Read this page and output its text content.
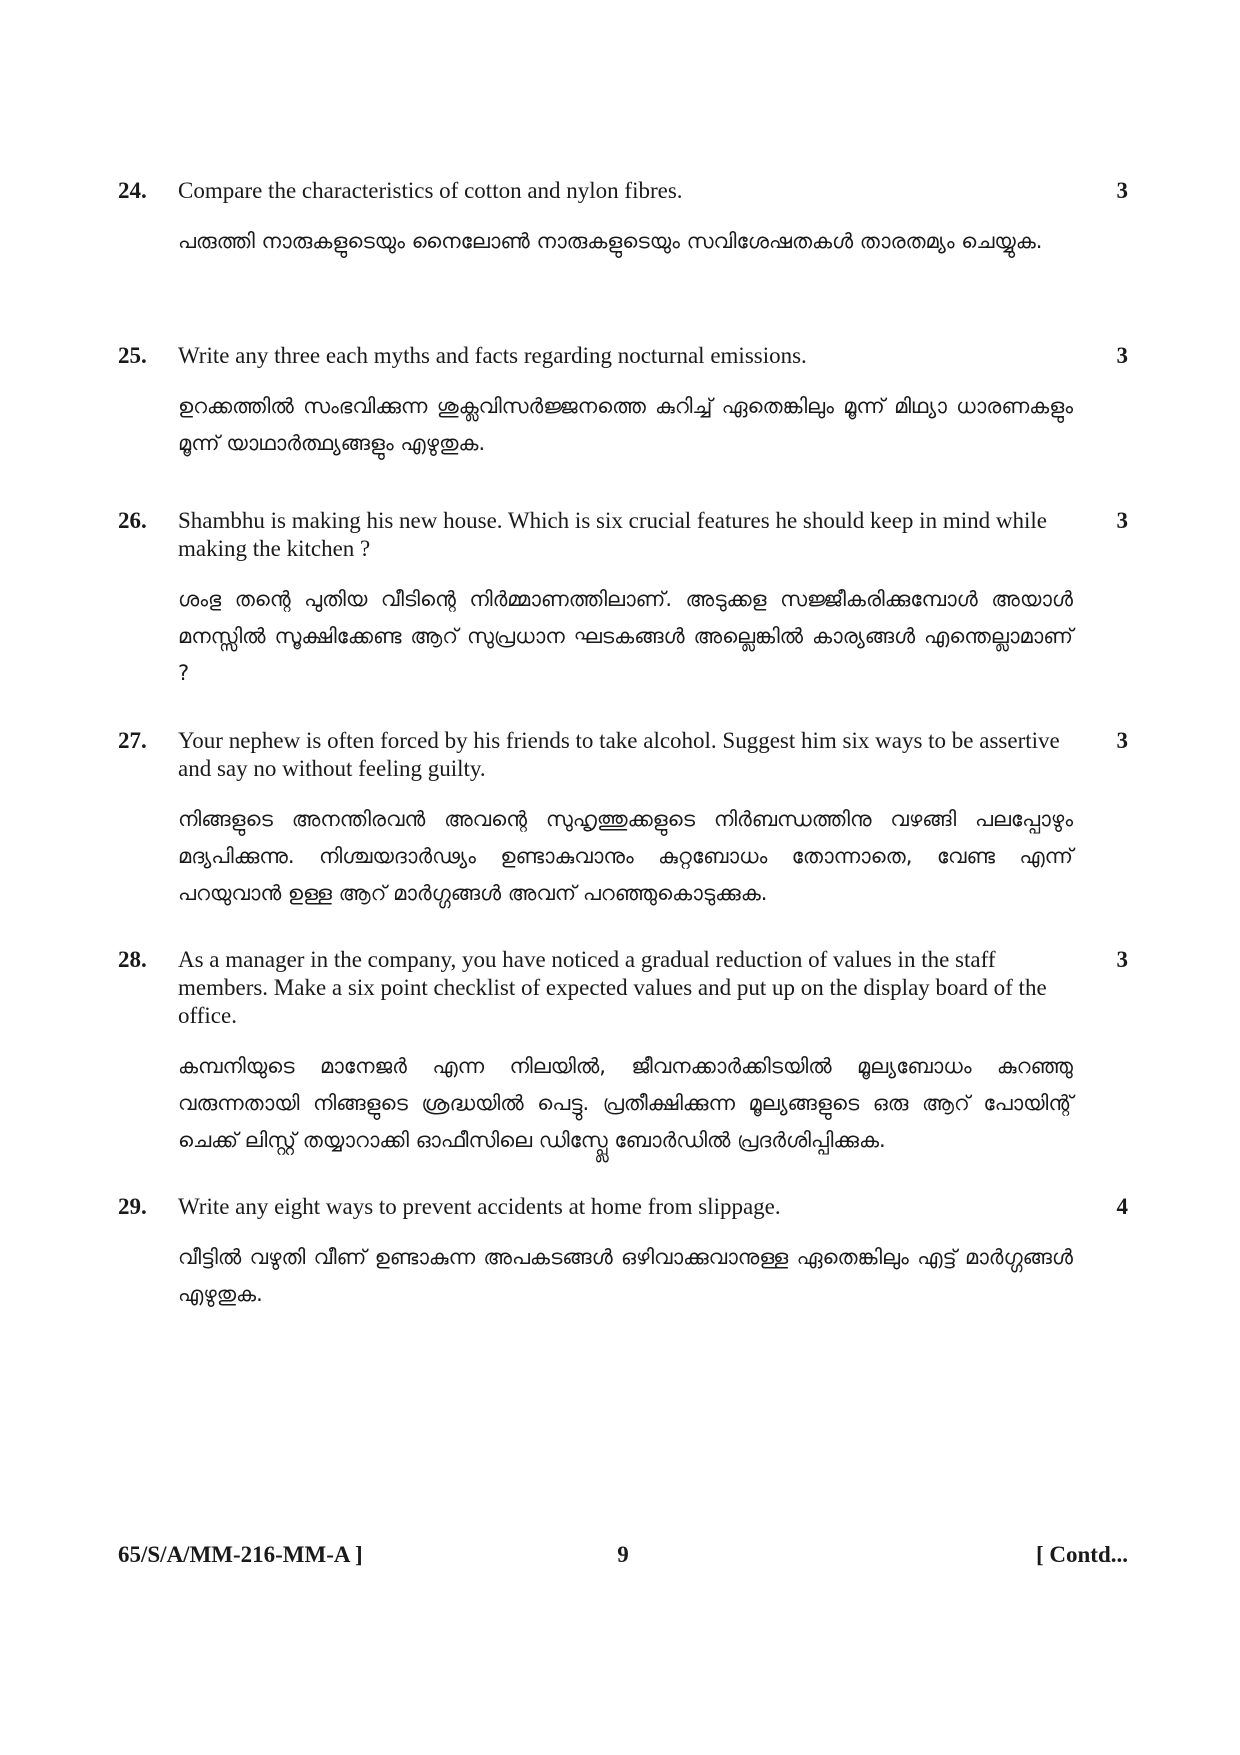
24.	Compare the characteristics of cotton and nylon fibres.

പരുത്തി നാരുകളുടെയും നൈലോൺ നാരുകളുടെയും സവിശേഷതകൾ താരതമ്യം ചെയ്യുക.

3
25.	Write any three each myths and facts regarding nocturnal emissions.

ഉറക്കത്തിൽ സംഭവിക്കുന്ന ശുക്ലവിസർജ്ജനത്തെ കുറിച്ച് ഏതെങ്കിലും മൂന്ന് മിഥ്യാ ധാരണകളും മൂന്ന് യാഥാർത്ഥ്യങ്ങളും എഴുതുക.

3
26.	Shambhu is making his new house. Which is six crucial features he should keep in mind while making the kitchen ?

ശംഭു തന്റെ പുതിയ വീടിന്റെ നിർമ്മാണത്തിലാണ്. അടുക്കള സജ്ജീകരിക്കുമ്പോൾ അയാൾ മനസ്സിൽ സൂക്ഷിക്കേണ്ട ആറ് സുപ്രധാന ഘടകങ്ങൾ അല്ലെങ്കിൽ കാര്യങ്ങൾ എന്തെല്ലാമാണ് ?

3
27.	Your nephew is often forced by his friends to take alcohol. Suggest him six ways to be assertive and say no without feeling guilty.

നിങ്ങളുടെ അനന്തിരവൻ അവന്റെ സുഹൃത്തുക്കളുടെ നിർബന്ധത്തിനു വഴങ്ങി പലപ്പോഴും മദ്യപിക്കുന്നു. നിശ്ചയദാർഢ്യം ഉണ്ടാകുവാനും കുറ്റബോധം തോന്നാതെ, വേണ്ട എന്ന് പറയുവാൻ ഉള്ള ആറ് മാർഗ്ഗങ്ങൾ അവന് പറഞ്ഞുകൊടുക്കുക.

3
28.	As a manager in the company, you have noticed a gradual reduction of values in the staff members. Make a six point checklist of expected values and put up on the display board of the office.

കമ്പനിയുടെ മാനേജർ എന്ന നിലയിൽ, ജീവനക്കാർക്കിടയിൽ മൂല്യബോധം കുറഞ്ഞു വരുന്നതായി നിങ്ങളുടെ ശ്രദ്ധയിൽ പെട്ടു. പ്രതീക്ഷിക്കുന്ന മൂല്യങ്ങളുടെ ഒരു ആറ് പോയിന്റ് ചെക്ക് ലിസ്റ്റ് തയ്യാറാക്കി ഓഫീസിലെ ഡിസ്പ്ലേ ബോർഡിൽ പ്രദർശിപ്പിക്കുക.

3
29.	Write any eight ways to prevent accidents at home from slippage.

വീട്ടിൽ വഴുതി വീണ് ഉണ്ടാകുന്ന അപകടങ്ങൾ ഒഴിവാക്കുവാനുള്ള ഏതെങ്കിലും എട്ട് മാർഗ്ഗങ്ങൾ എഴുതുക.

4
65/S/A/MM-216-MM-A ]	9	[ Contd...
